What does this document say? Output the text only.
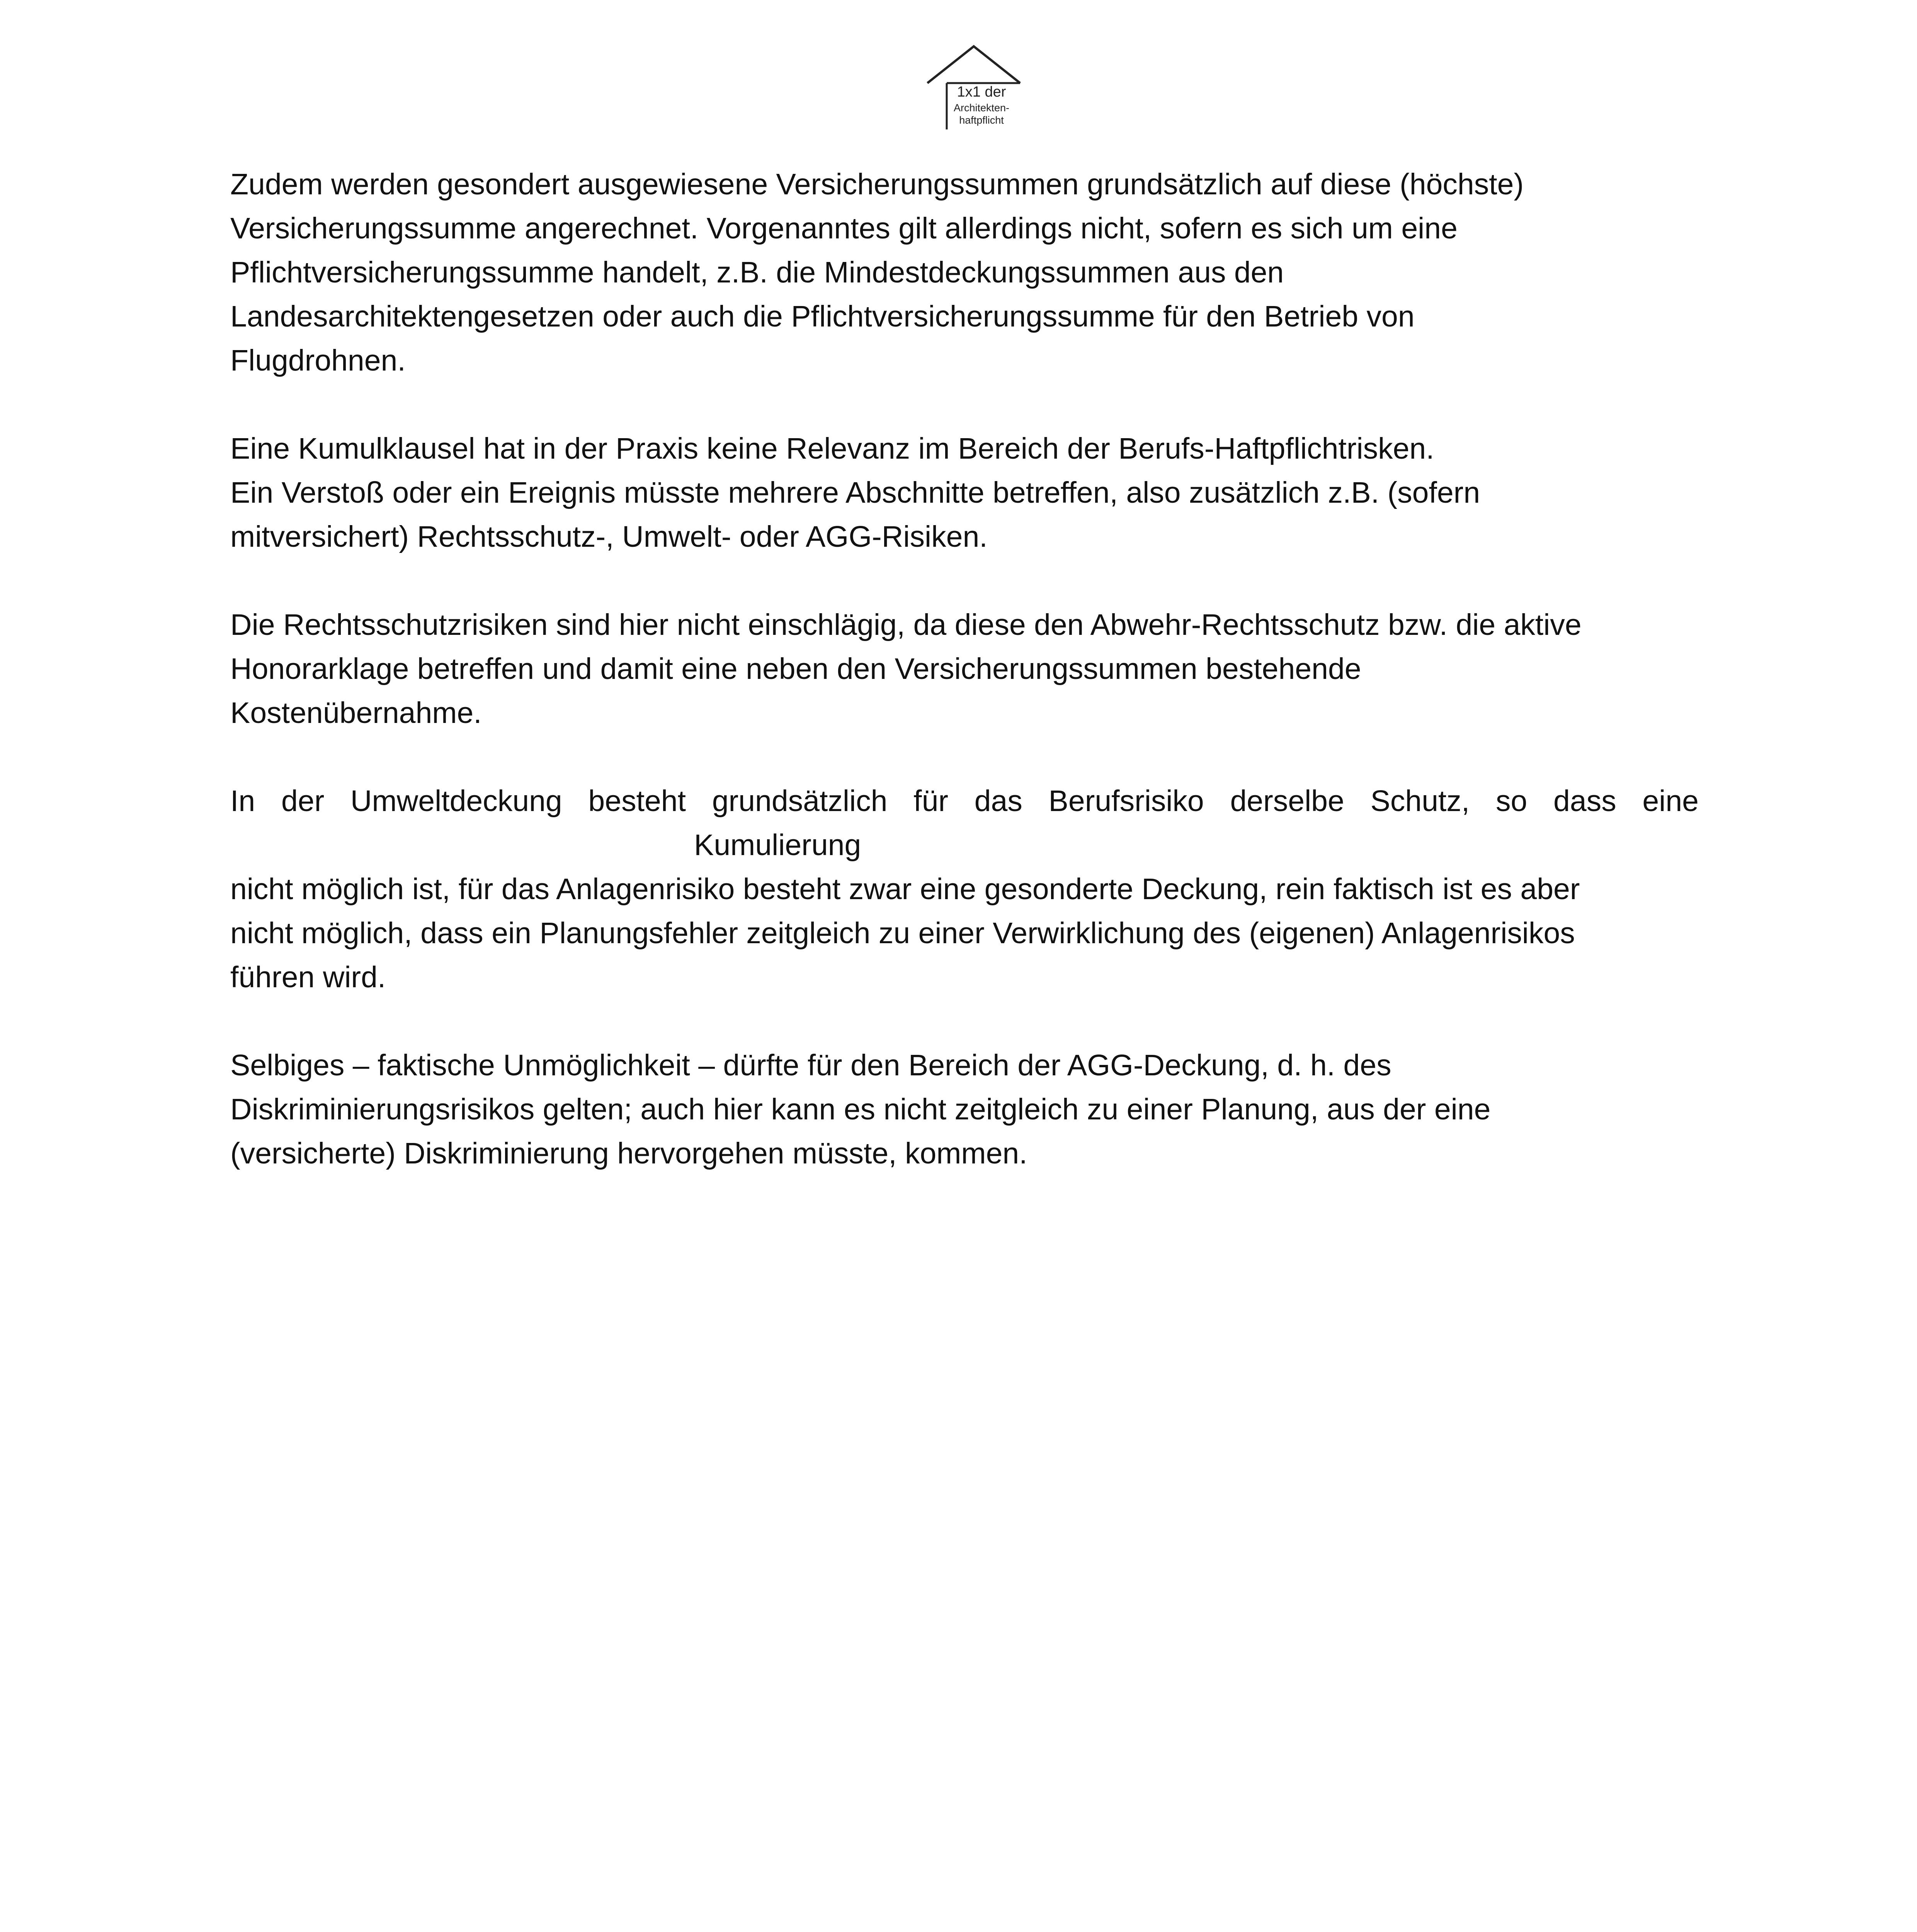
1x1 der
Architekten-
haftpflicht
Zudem werden gesondert ausgewiesene Versicherungssummen grundsätzlich auf diese (höchste)
Versicherungssumme angerechnet. Vorgenanntes gilt allerdings nicht, sofern es sich um eine
Pflichtversicherungssumme handelt, z.B. die Mindestdeckungssummen aus den
Landesarchitektengesetzen oder auch die Pflichtversicherungssumme für den Betrieb von
Flugdrohnen.
Eine Kumulklausel hat in der Praxis keine Relevanz im Bereich der Berufs-Haftpflichtrisken.
Ein Verstoß oder ein Ereignis müsste mehrere Abschnitte betreffen, also zusätzlich z.B. (sofern
mitversichert) Rechtsschutz-, Umwelt- oder AGG-Risiken.
Die Rechtsschutzrisiken sind hier nicht einschlägig, da diese den Abwehr-Rechtsschutz bzw. die aktive
Honorarklage betreffen und damit eine neben den Versicherungssummen bestehende
Kostenübernahme.
In der Umweltdeckung besteht grundsätzlich für das Berufsrisiko derselbe Schutz, so dass eine
Kumulierung
nicht möglich ist, für das Anlagenrisiko besteht zwar eine gesonderte Deckung, rein faktisch ist es aber
nicht möglich, dass ein Planungsfehler zeitgleich zu einer Verwirklichung des (eigenen) Anlagenrisikos
führen wird.
Selbiges – faktische Unmöglichkeit – dürfte für den Bereich der AGG-Deckung, d. h. des
Diskriminierungsrisikos gelten; auch hier kann es nicht zeitgleich zu einer Planung, aus der eine
(versicherte) Diskriminierung hervorgehen müsste, kommen.
